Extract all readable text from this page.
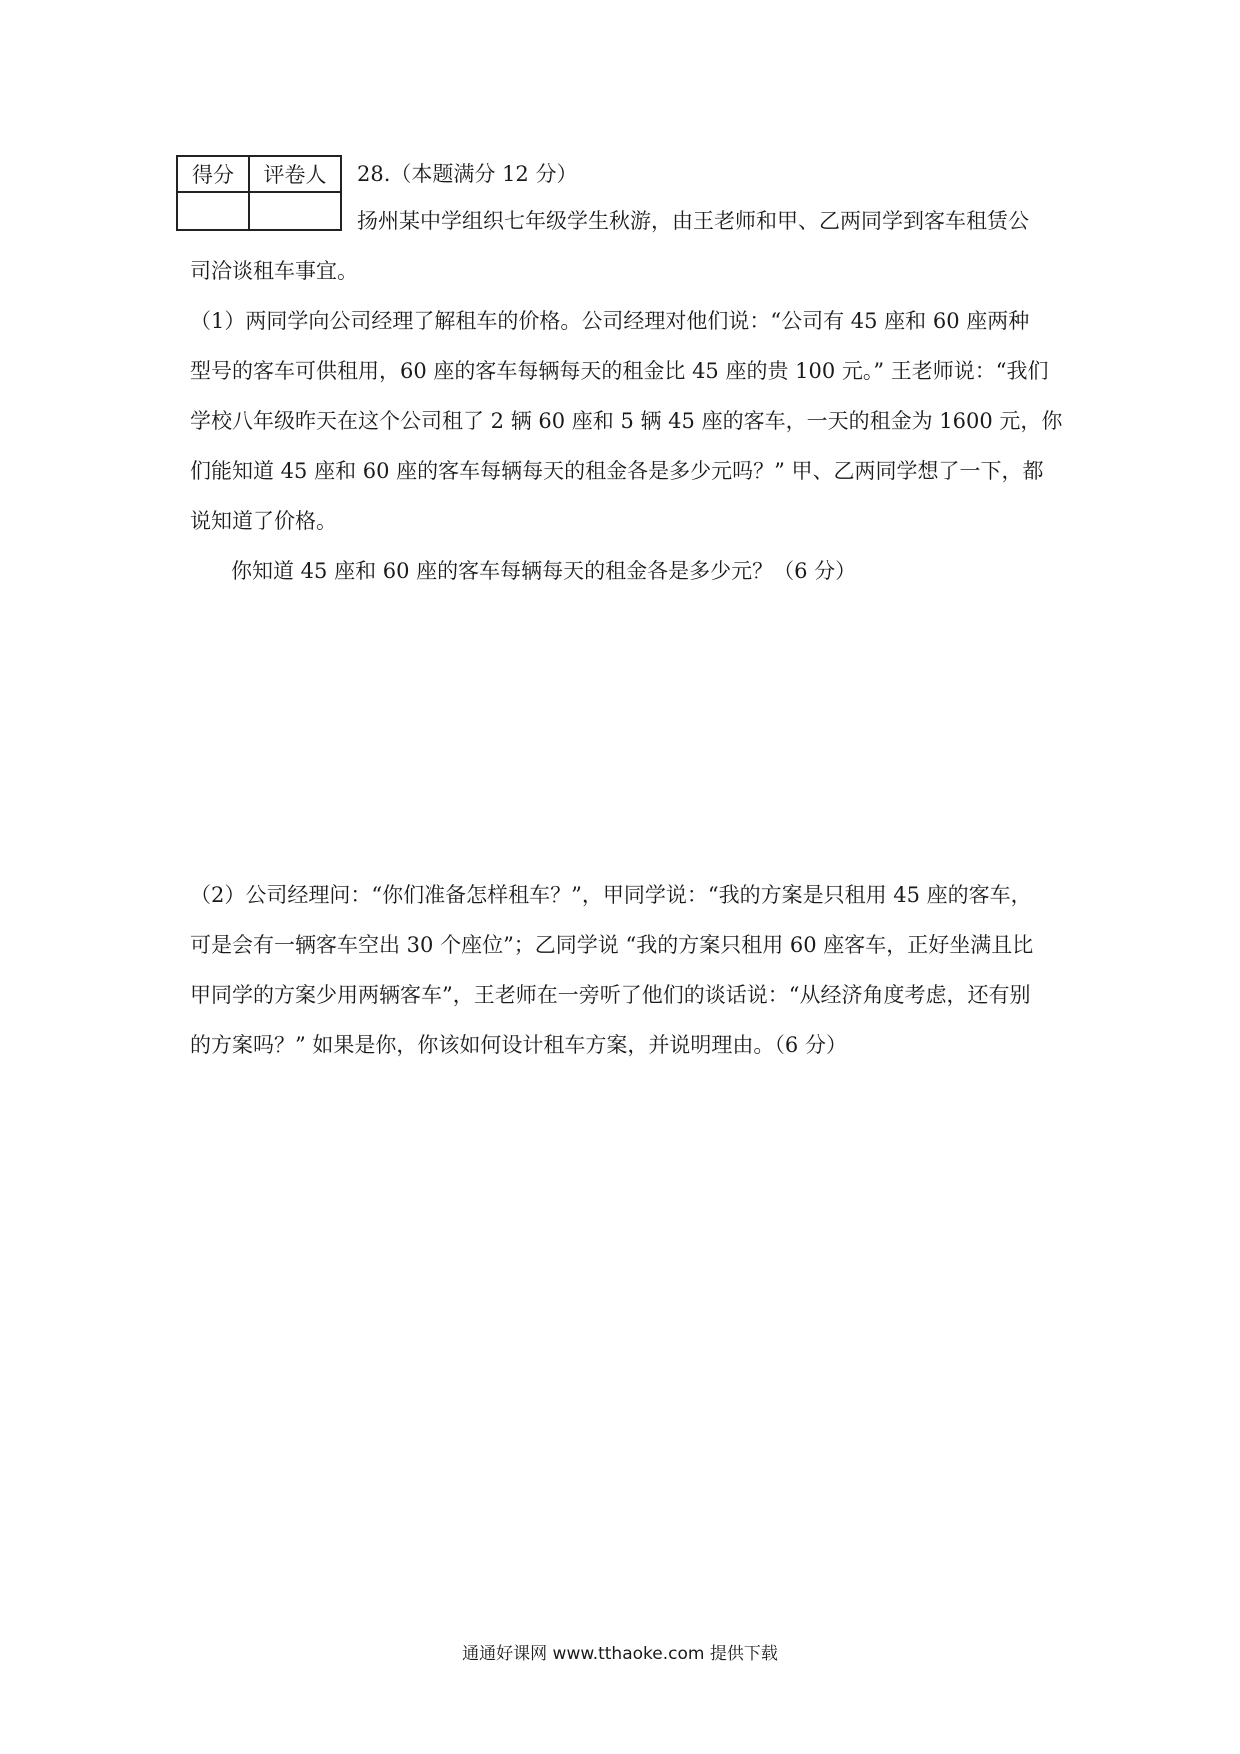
得分	评卷人
	28.（本题满分 12 分）
扬州某中学组织七年级学生秋游，由王老师和甲、乙两同学到客车租赁公
司洽谈租车事宜。
（1）两同学向公司经理了解租车的价格。公司经理对他们说：“公司有 45 座和 60 座两种
型号的客车可供租用，60 座的客车每辆每天的租金比 45 座的贵 100 元。” 王老师说：“我们
学校八年级昨天在这个公司租了 2 辆 60 座和 5 辆 45 座的客车，一天的租金为 1600 元，你
们能知道 45 座和 60 座的客车每辆每天的租金各是多少元吗？” 甲、乙两同学想了一下，都
说知道了价格。
你知道 45 座和 60 座的客车每辆每天的租金各是多少元？（6 分）
（2）公司经理问：“你们准备怎样租车？”，甲同学说：“我的方案是只租用 45 座的客车，
可是会有一辆客车空出 30 个座位”；乙同学说 “我的方案只租用 60 座客车，正好坐满且比
甲同学的方案少用两辆客车”，王老师在一旁听了他们的谈话说：“从经济角度考虑，还有别
的方案吗？” 如果是你，你该如何设计租车方案，并说明理由。（6 分）
通通好课网 www.tthaoke.com 提供下载
